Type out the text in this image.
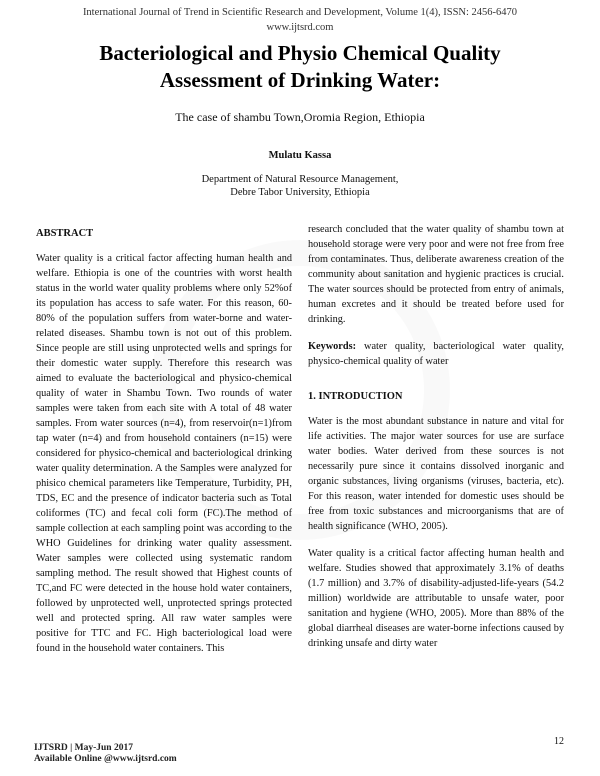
International Journal of Trend in Scientific Research and Development, Volume 1(4), ISSN: 2456-6470
www.ijtsrd.com
Bacteriological and Physio Chemical Quality
Assessment of Drinking Water:
The case of shambu Town,Oromia Region, Ethiopia
Mulatu Kassa
Department of Natural Resource Management,
Debre Tabor University, Ethiopia
ABSTRACT

Water quality is a critical factor affecting human health and welfare. Ethiopia is one of the countries with worst health status in the world water quality problems where only 52%of its population has access to safe water. For this reason, 60-80% of the population suffers from water-borne and water-related diseases. Shambu town is not out of this problem. Since people are still using unprotected wells and springs for their domestic water supply. Therefore this research was aimed to evaluate the bacteriological and physico-chemical quality of water in Shambu Town. Two rounds of water samples were taken from each site with A total of 48 water samples. From water sources (n=4), from reservoir(n=1)from tap water (n=4) and from household containers (n=15) were considered for physico-chemical and bacteriological drinking water quality determination. A the Samples were analyzed for phisico chemical parameters like Temperature, Turbidity, PH, TDS, EC and the presence of indicator bacteria such as Total coliformes (TC) and fecal coli form (FC).The method of sample collection at each sampling point was according to the WHO Guidelines for drinking water quality assessment. Water samples were collected using systematic random sampling method. The result showed that Highest counts of TC,and FC were detected in the house hold water containers, followed by unprotected well, unprotected springs protected well and protected spring. All raw water samples were positive for TTC and FC. High bacteriological load were found in the household water containers. This

research concluded that the water quality of shambu town at household storage were very poor and were not free from free from contaminates. Thus, deliberate awareness creation of the community about sanitation and hygienic practices is crucial. The water sources should be protected from entry of animals, human excretes and it should be treated before used for drinking.

Keywords: water quality, bacteriological water quality, physico-chemical quality of water

1. INTRODUCTION

Water is the most abundant substance in nature and vital for life activities. The major water sources for use are surface water bodies. Water derived from these sources is not necessarily pure since it contains dissolved inorganic and organic substances, living organisms (viruses, bacteria, etc). For this reason, water intended for domestic uses should be free from toxic substances and microorganisms that are of health significance (WHO, 2005).

Water quality is a critical factor affecting human health and welfare. Studies showed that approximately 3.1% of deaths (1.7 million) and 3.7% of disability-adjusted-life-years (54.2 million) worldwide are attributable to unsafe water, poor sanitation and hygiene (WHO, 2005). More than 88% of the global diarrheal diseases are water-borne infections caused by drinking unsafe and dirty water

12
IJTSRD | May-Jun 2017
Available Online @www.ijtsrd.com
